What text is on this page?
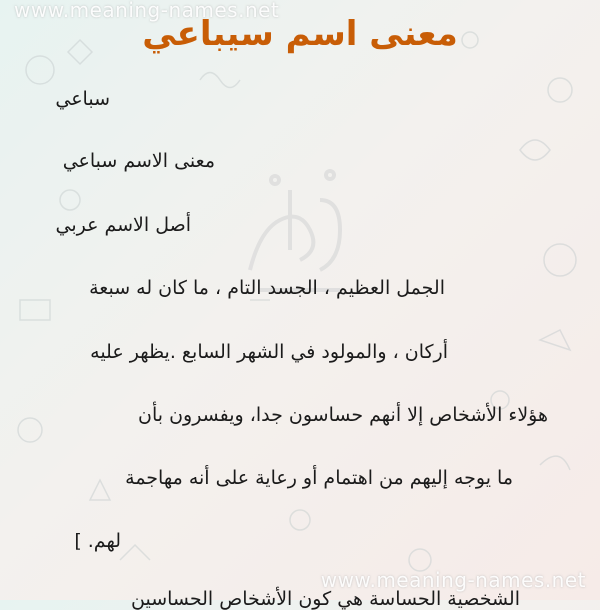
www.meaning-names.net
www.meaning-names.net
معنى اسم سيباعي
سباعي
معنى الاسم سباعي
أصل الاسم عربي
الجمل العظيم ، الجسد التام ، ما كان له سبعة
أركان ، والمولود في الشهر السابع .يظهر عليه
هؤلاء الأشخاص إلا أنهم حساسون جدا، ويفسرون بأن
ما يوجه إليهم من اهتمام أو رعاية على أنه مهاجمة
لهم. ]
الشخصية الحساسة هي كون الأشخاص الحساسين
